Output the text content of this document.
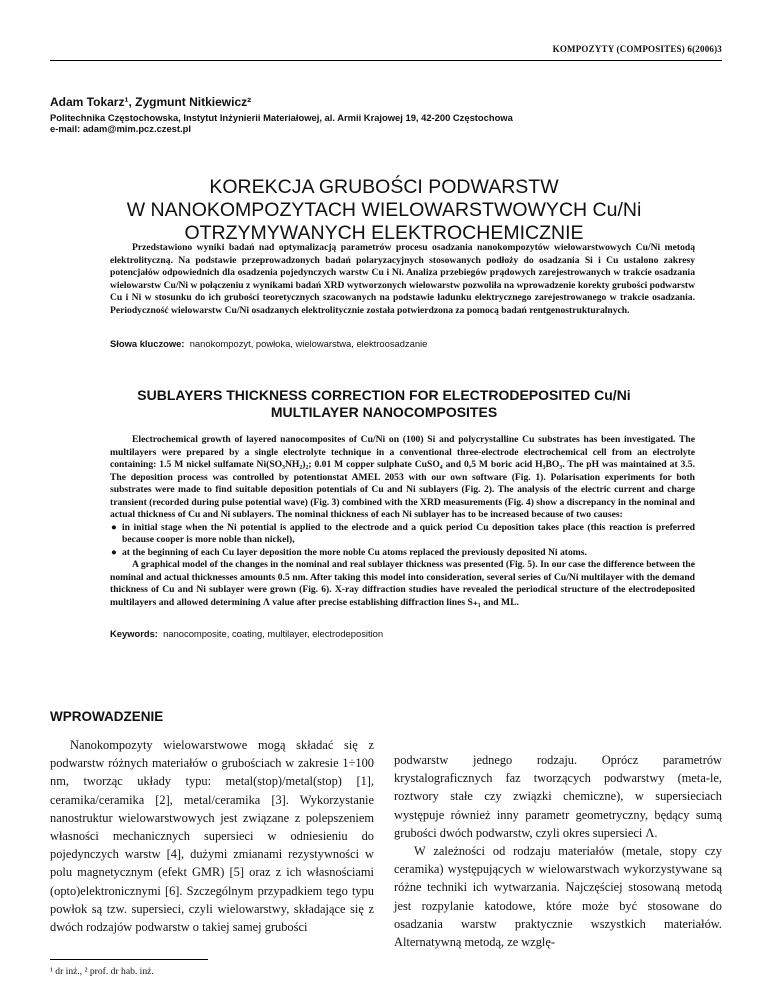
KOMPOZYTY (COMPOSITES) 6(2006)3
Adam Tokarz¹, Zygmunt Nitkiewicz²
Politechnika Częstochowska, Instytut Inżynierii Materiałowej, al. Armii Krajowej 19, 42-200 Częstochowa
e-mail: adam@mim.pcz.czest.pl
KOREKCJA GRUBOŚCI PODWARSTW
W NANOKOMPOZYTACH WIELOWARSTWOWYCH Cu/Ni
OTRZYMYWANYCH ELEKTROCHEMICZNIE

Przedstawiono wyniki badań nad optymalizacją parametrów procesu osadzania nanokompozytów wielowarstwowych Cu/Ni metodą elektrolityczną. Na podstawie przeprowadzonych badań polaryzacyjnych stosowanych podłoży do osadzania Si i Cu ustalono zakresy potencjałów odpowiednich dla osadzenia pojedynczych warstw Cu i Ni. Analiza przebiegów prądowych zarejestrowanych w trakcie osadzania wielowarstw Cu/Ni w połączeniu z wynikami badań XRD wytworzonych wielowarstw pozwoliła na wprowadzenie korekty grubości podwarstw Cu i Ni w stosunku do ich grubości teoretycznych szacowanych na podstawie ładunku elektrycznego zarejestrowanego w trakcie osadzania. Periodyczność wielowarstw Cu/Ni osadzanych elektrolitycznie została potwierdzona za pomocą badań rentgenostrukturalnych.

Słowa kluczowe: nanokompozyt, powłoka, wielowarstwa, elektroosadzanie
SUBLAYERS THICKNESS CORRECTION FOR ELECTRODEPOSITED Cu/Ni
MULTILAYER NANOCOMPOSITES

Electrochemical growth of layered nanocomposites of Cu/Ni on (100) Si and polycrystalline Cu substrates has been investigated. The multilayers were prepared by a single electrolyte technique in a conventional three-electrode electrochemical cell from an electrolyte containing: 1.5 M nickel sulfamate Ni(SO₃NH₂)₂; 0.01 M copper sulphate CuSO₄ and 0,5 M boric acid H₃BO₃. The pH was maintained at 3.5. The deposition process was controlled by potentionstat AMEL 2053 with our own software (Fig. 1). Polarisation experiments for both substrates were made to find suitable deposition potentials of Cu and Ni sublayers (Fig. 2). The analysis of the electric current and charge transient (recorded during pulse potential wave) (Fig. 3) combined with the XRD measurements (Fig. 4) show a discrepancy in the nominal and actual thickness of Cu and Ni sublayers. The nominal thickness of each Ni sublayer has to be increased because of two causes:

● in initial stage when the Ni potential is applied to the electrode and a quick period Cu deposition takes place (this reaction is preferred because cooper is more noble than nickel),
● at the beginning of each Cu layer deposition the more noble Cu atoms replaced the previously deposited Ni atoms.

A graphical model of the changes in the nominal and real sublayer thickness was presented (Fig. 5). In our case the difference between the nominal and actual thicknesses amounts 0.5 nm. After taking this model into consideration, several series of Cu/Ni multilayer with the demand thickness of Cu and Ni sublayer were grown (Fig. 6). X-ray diffraction studies have revealed the periodical structure of the electrodeposited multilayers and allowed determining Λ value after precise establishing diffraction lines S₊₁ and ML.

Keywords: nanocomposite, coating, multilayer, electrodeposition
WPROWADZENIE

Nanokompozyty wielowarstwowe mogą składać się z podwarstw różnych materiałów o grubościach w zakresie 1÷100 nm, tworząc układy typu: metal(stop)/metal(stop) [1], ceramika/ceramika [2], metal/ceramika [3]. Wykorzystanie nanostruktur wielowarstwowych jest związane z polepszeniem własności mechanicznych supersieci w odniesieniu do pojedynczych warstw [4], dużymi zmianami rezystywności w polu magnetycznym (efekt GMR) [5] oraz z ich własnościami (opto)elektronicznymi [6]. Szczególnym przypadkiem tego typu powłok są tzw. supersieci, czyli wielowarstwy, składające się z dwóch rodzajów podwarstw o takiej samej grubości

podwarstw jednego rodzaju. Oprócz parametrów krystalograficznych faz tworzących podwarstwy (meta-le, roztwory stałe czy związki chemiczne), w supersieciach występuje również inny parametr geometryczny, będący sumą grubości dwóch podwarstw, czyli okres supersieci Λ.

W zależności od rodzaju materiałów (metale, stopy czy ceramika) występujących w wielowarstwach wykorzystywane są różne techniki ich wytwarzania. Najczęściej stosowaną metodą jest rozpylanie katodowe, które może być stosowane do osadzania warstw praktycznie wszystkich materiałów. Alternatywną metodą, ze wzglę-

¹ dr inż., ² prof. dr hab. inż.
